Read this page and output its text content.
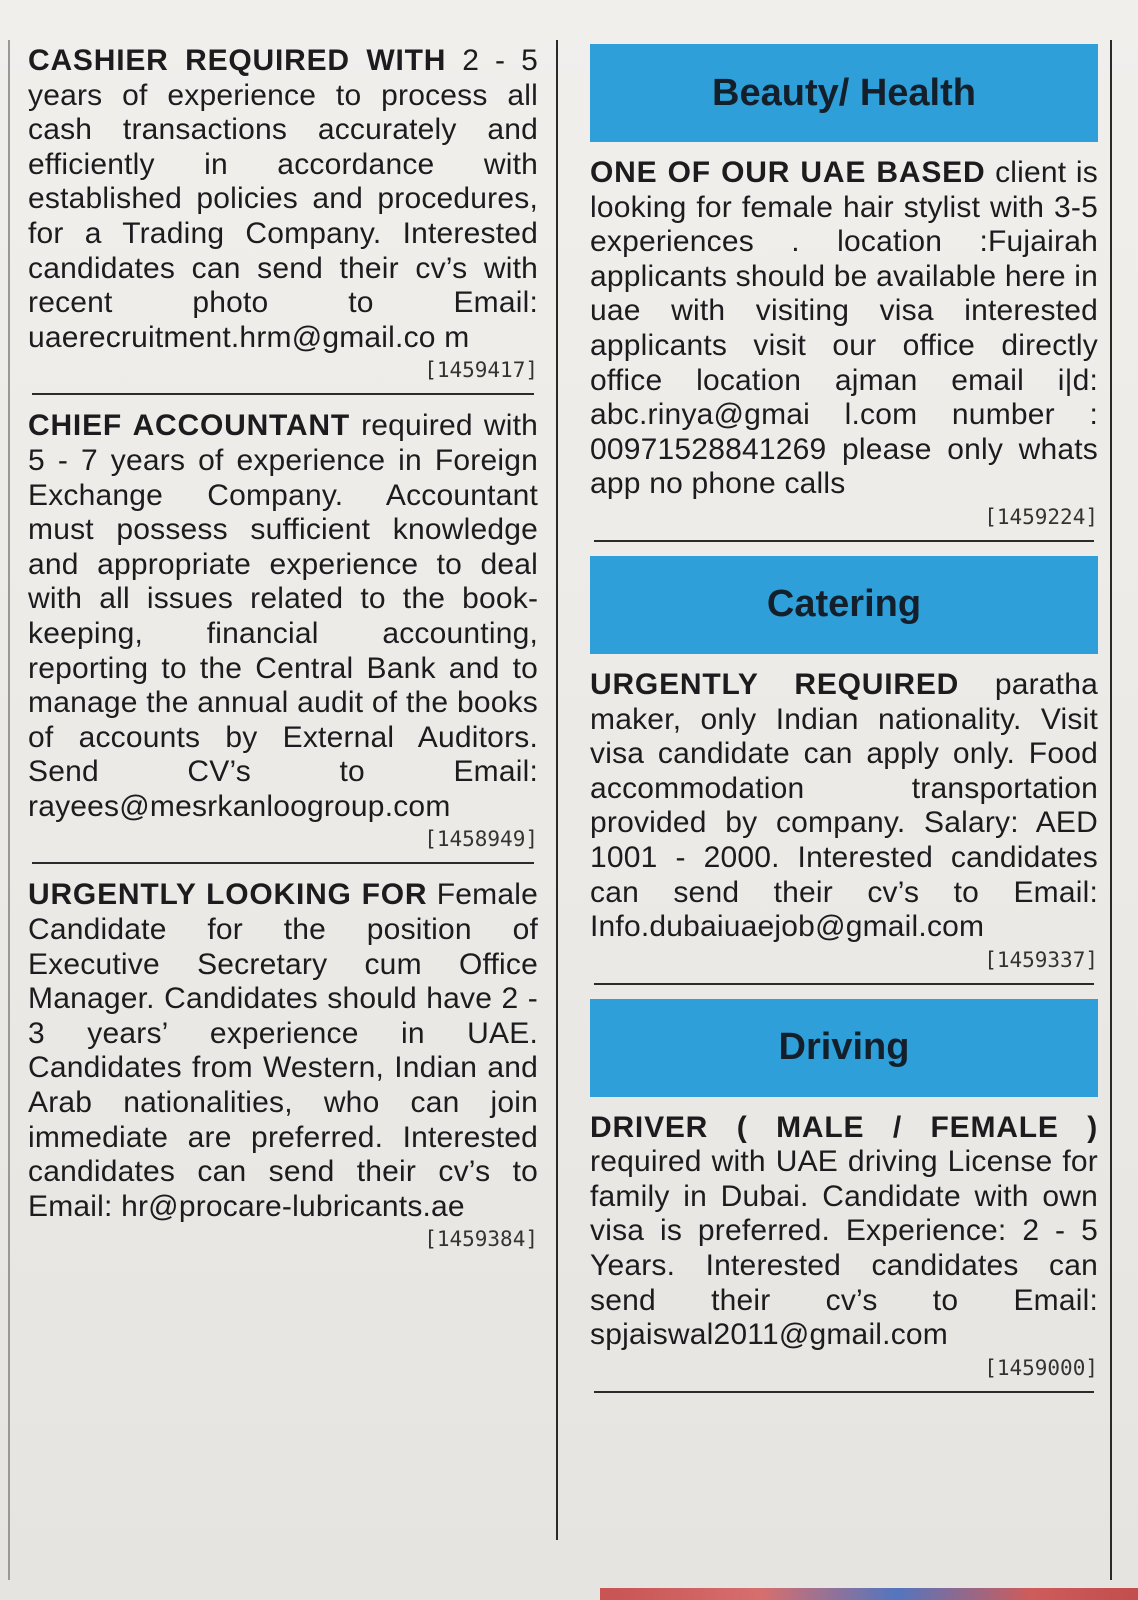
CASHIER REQUIRED WITH 2 - 5 years of experience to process all cash transactions accurately and efficiently in accordance with established policies and procedures, for a Trading Company. Interested candidates can send their cv’s with recent photo to Email: uaerecruitment.hrm@gmail.co m

[1459417]

CHIEF ACCOUNTANT required with 5 - 7 years of experience in Foreign Exchange Company. Accountant must possess sufficient knowledge and appropriate experience to deal with all issues related to the bookkeeping, financial accounting, reporting to the Central Bank and to manage the annual audit of the books of accounts by External Auditors. Send CV’s to Email: rayees@mesrkanloogroup.com

[1458949]

URGENTLY LOOKING FOR Female Candidate for the position of Executive Secretary cum Office Manager. Candidates should have 2 - 3 years’ experience in UAE. Candidates from Western, Indian and Arab nationalities, who can join immediate are preferred. Interested candidates can send their cv’s to Email: hr@procare-lubricants.ae

[1459384]
Beauty/ Health

ONE OF OUR UAE BASED client is looking for female hair stylist with 3-5 experiences . location :Fujairah applicants should be available here in uae with visiting visa interested applicants visit our office directly office location ajman email i|d: abc.rinya@gmai l.com number : 00971528841269 please only whats app no phone calls

[1459224]
Catering

URGENTLY REQUIRED paratha maker, only Indian nationality. Visit visa candidate can apply only. Food accommodation transportation provided by company. Salary: AED 1001 - 2000. Interested candidates can send their cv’s to Email: Info.dubaiuaejob@gmail.com

[1459337]
Driving

DRIVER ( MALE / FEMALE ) required with UAE driving License for family in Dubai. Candidate with own visa is preferred. Experience: 2 - 5 Years. Interested candidates can send their cv’s to Email: spjaiswal2011@gmail.com

[1459000]
